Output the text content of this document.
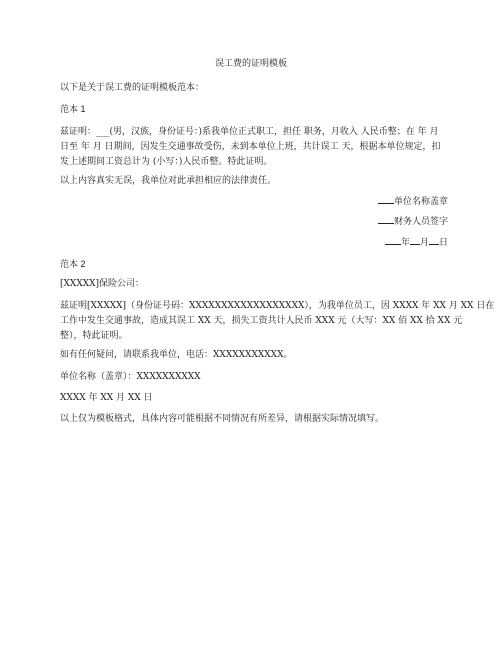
误工费的证明模板
以下是关于误工费的证明模板范本：
范本 1
兹证明：___(男，汉族，身份证号：)系我单位正式职工，担任 职务，月收入 人民币整；在 年 月
日至 年 月 日期间，因发生交通事故受伤，未到本单位上班，共计误工 天，根据本单位规定，扣
发上述期间工资总计为 (小写：)人民币整。特此证明。
以上内容真实无误，我单位对此承担相应的法律责任。
单位名称盖章
财务人员签字
年 月 日
范本 2
[XXXXX]保险公司：
兹证明[XXXXX]（身份证号码：XXXXXXXXXXXXXXXXXX），为我单位员工，因 XXXX 年 XX 月 XX 日在
工作中发生交通事故，造成其误工 XX 天，损失工资共计人民币 XXX 元（大写：XX 佰 XX 拾 XX 元
整），特此证明。
如有任何疑问，请联系我单位，电话：XXXXXXXXXXX。
单位名称（盖章）：XXXXXXXXXX
XXXX 年 XX 月 XX 日
以上仅为模板格式，具体内容可能根据不同情况有所差异，请根据实际情况填写。
